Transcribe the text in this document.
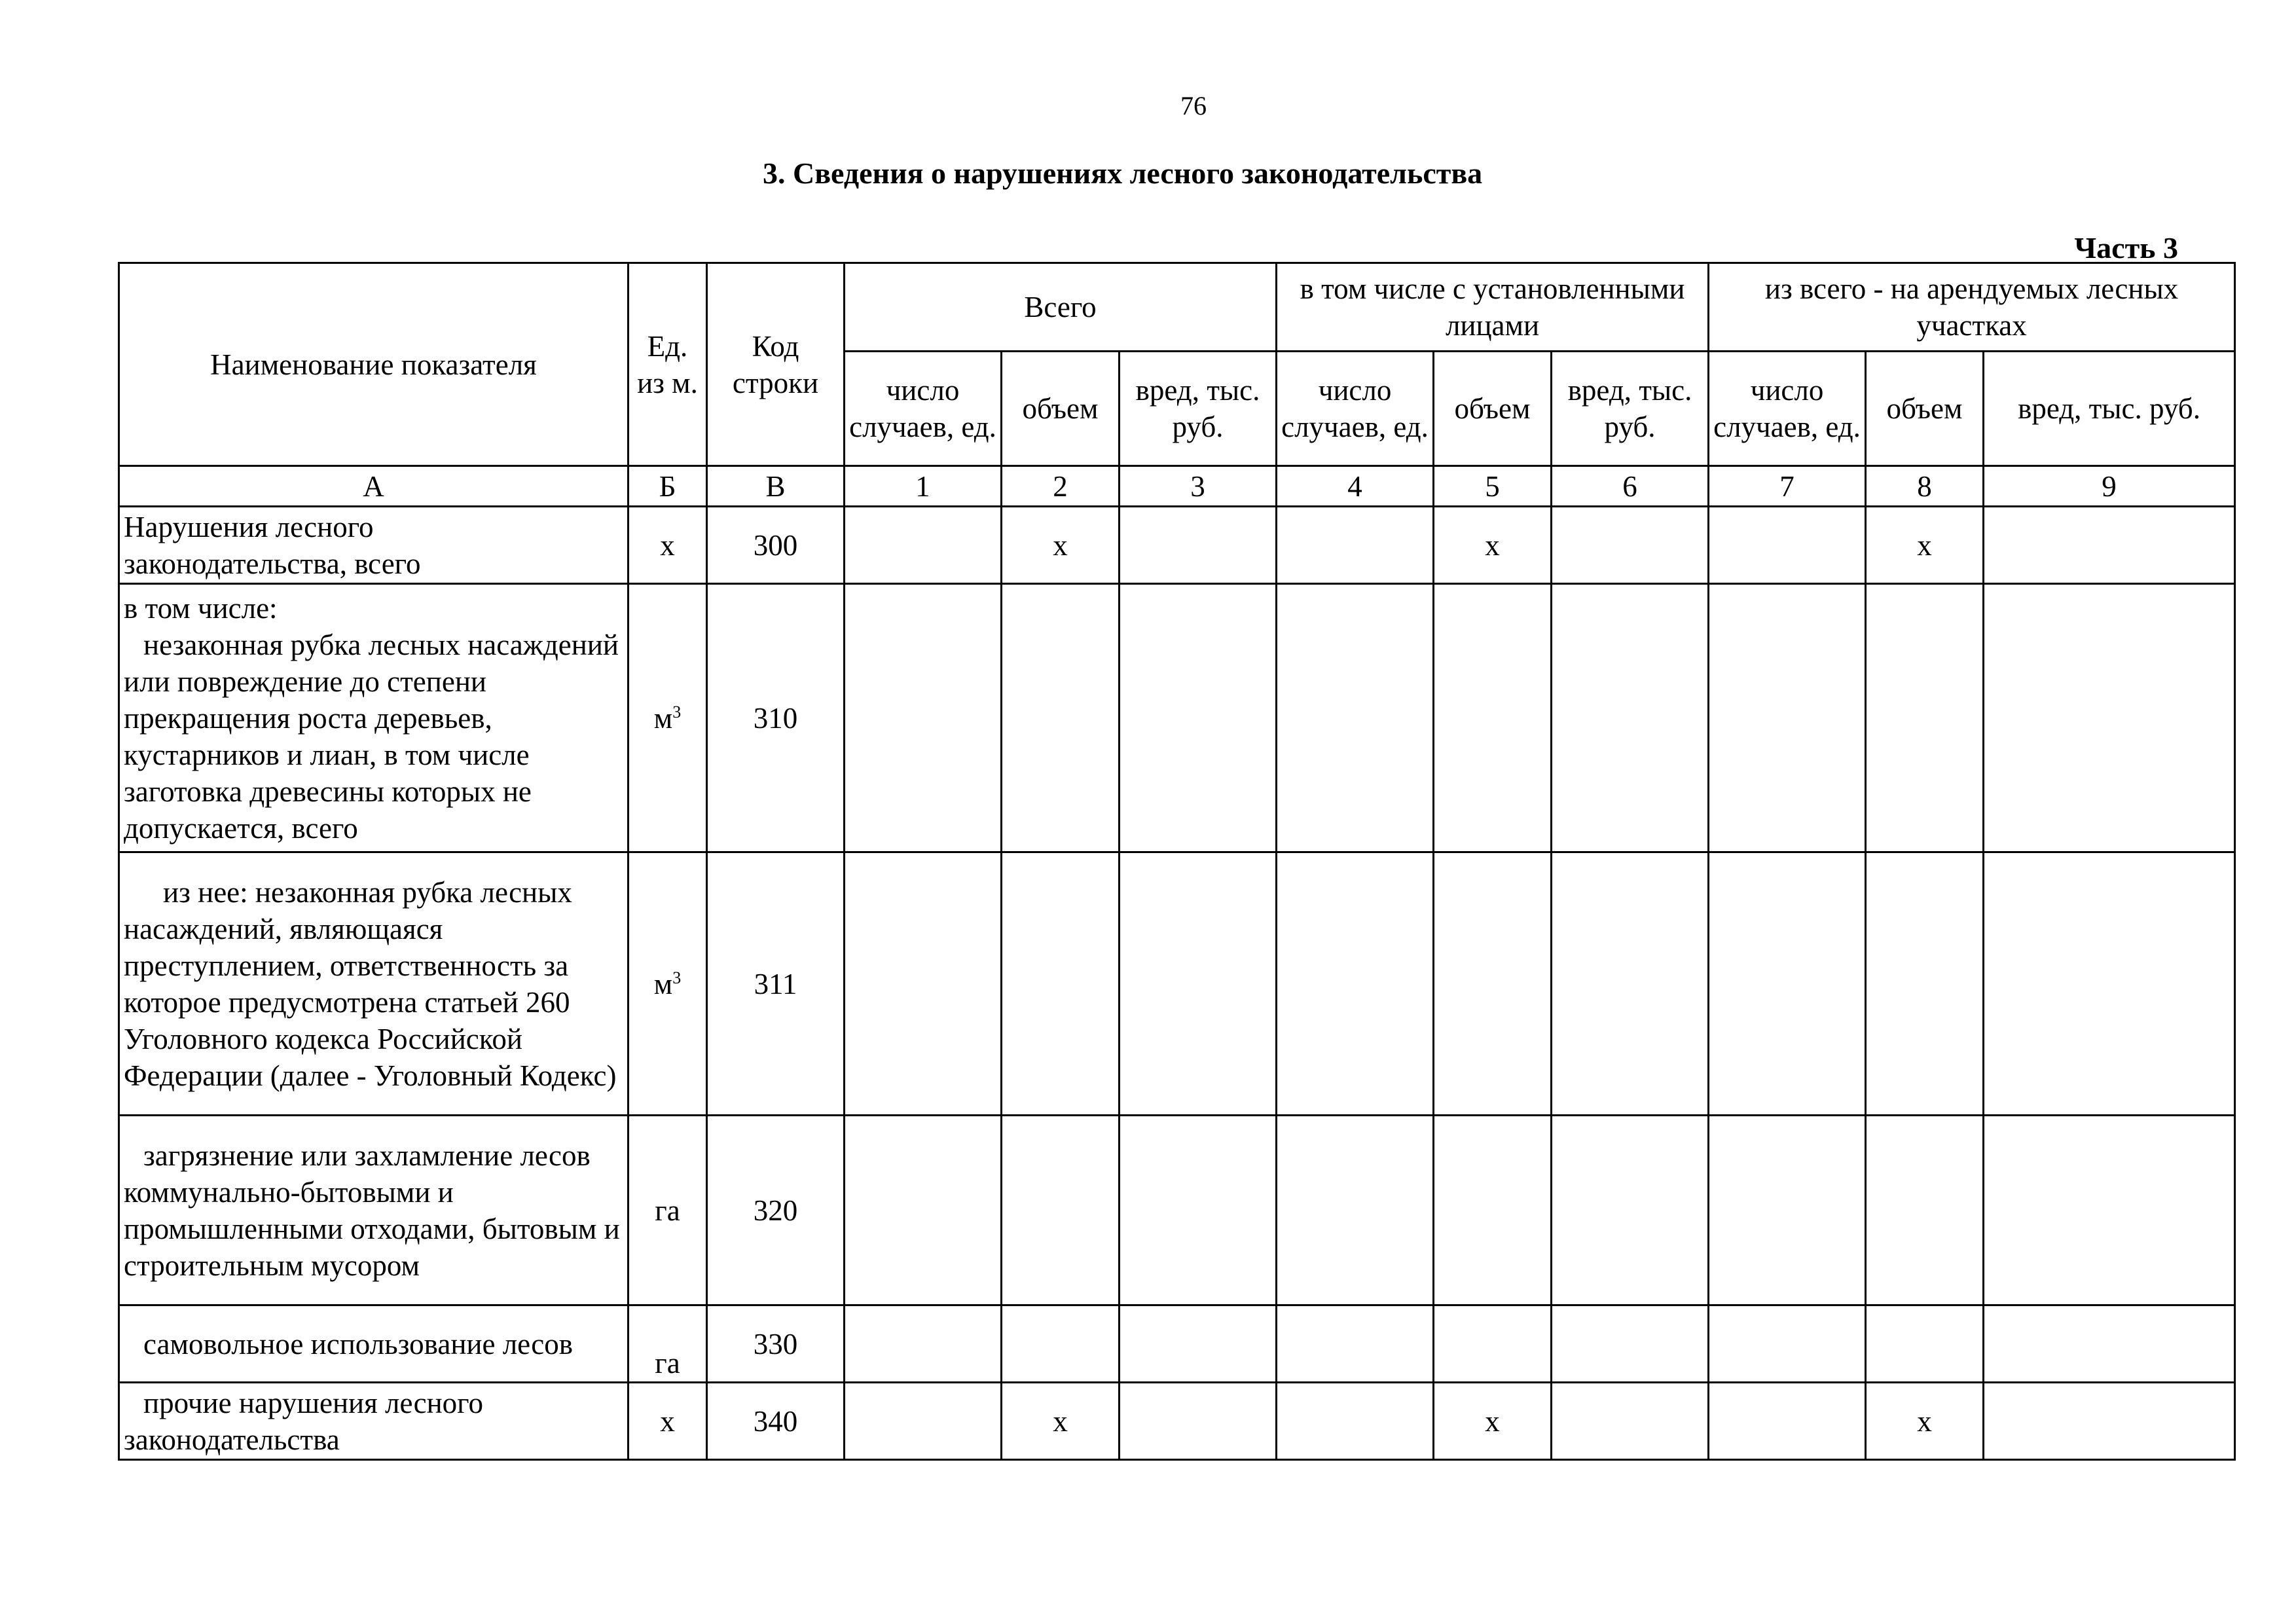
76
3. Сведения о нарушениях лесного законодательства
Часть 3
Наименование показателя	Ед. из м.	Код строки	Всего			в том числе с установленными лицами			из всего - на арендуемых лесных участках		
			число случаев, ед.	объем	вред, тыс. руб.	число случаев, ед.	объем	вред, тыс. руб.	число случаев, ед.	объем	вред, тыс. руб.
А	Б	В	1	2	3	4	5	6	7	8	9

Нарушения лесного
законодательства, всего	х	300		х			х			х	

в том числе:
незаконная рубка лесных насаждений или повреждение до степени прекращения роста деревьев, кустарников и лиан, в том числе заготовка древесины которых не допускается, всего	$м^3$	310									
из нее: незаконная рубка лесных насаждений, являющаяся преступлением, ответственность за которое предусмотрена статьей 260 Уголовного кодекса Российской Федерации (далее - Уголовный Кодекс)	$м^3$	311									
загрязнение или захламление лесов коммунально-бытовыми и промышленными отходами, бытовым и строительным мусором	га	320									
самовольное использование лесов	га	330									
прочие нарушения лесного законодательства	х	340		х			х			х	
